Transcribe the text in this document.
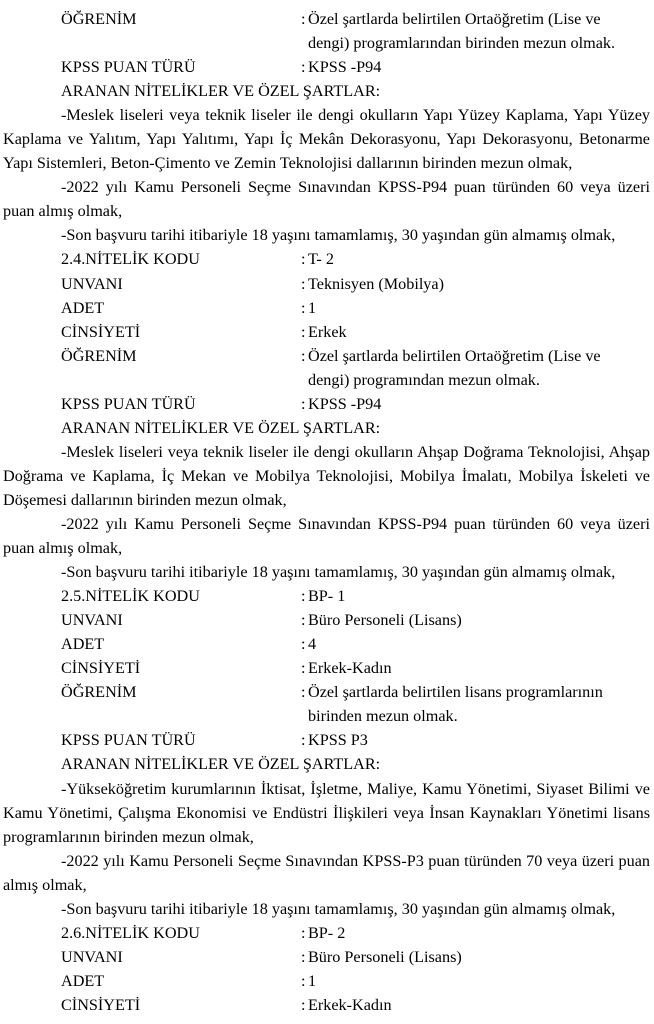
ÖĞRENİM	: Özel şartlarda belirtilen Ortaöğretim (Lise ve
dengi) programlarından birinden mezun olmak.
KPSS PUAN TÜRÜ	: KPSS -P94
ARANAN NİTELİKLER VE ÖZEL ŞARTLAR:
-Meslek liseleri veya teknik liseler ile dengi okulların Yapı Yüzey Kaplama, Yapı Yüzey
Kaplama ve Yalıtım, Yapı Yalıtımı, Yapı İç Mekân Dekorasyonu, Yapı Dekorasyonu, Betonarme
Yapı Sistemleri, Beton-Çimento ve Zemin Teknolojisi dallarının birinden mezun olmak,
-2022 yılı Kamu Personeli Seçme Sınavından KPSS-P94 puan türünden 60 veya üzeri
puan almış olmak,
-Son başvuru tarihi itibariyle 18 yaşını tamamlamış, 30 yaşından gün almamış olmak,
2.4.NİTELİK KODU	: T- 2
UNVANI	: Teknisyen (Mobilya)
ADET	: 1
CİNSİYETİ	: Erkek
ÖĞRENİM	: Özel şartlarda belirtilen Ortaöğretim (Lise ve
dengi) programından mezun olmak.
KPSS PUAN TÜRÜ	: KPSS -P94
ARANAN NİTELİKLER VE ÖZEL ŞARTLAR:
-Meslek liseleri veya teknik liseler ile dengi okulların Ahşap Doğrama Teknolojisi, Ahşap
Doğrama ve Kaplama, İç Mekan ve Mobilya Teknolojisi, Mobilya İmalatı, Mobilya İskeleti ve
Döşemesi dallarının birinden mezun olmak,
-2022 yılı Kamu Personeli Seçme Sınavından KPSS-P94 puan türünden 60 veya üzeri
puan almış olmak,
-Son başvuru tarihi itibariyle 18 yaşını tamamlamış, 30 yaşından gün almamış olmak,
2.5.NİTELİK KODU	: BP- 1
UNVANI	: Büro Personeli (Lisans)
ADET	: 4
CİNSİYETİ	: Erkek-Kadın
ÖĞRENİM	: Özel şartlarda belirtilen lisans programlarının
birinden mezun olmak.
KPSS PUAN TÜRÜ	: KPSS P3
ARANAN NİTELİKLER VE ÖZEL ŞARTLAR:
-Yükseköğretim kurumlarının İktisat, İşletme, Maliye, Kamu Yönetimi, Siyaset Bilimi ve
Kamu Yönetimi, Çalışma Ekonomisi ve Endüstri İlişkileri veya İnsan Kaynakları Yönetimi lisans
programlarının birinden mezun olmak,
-2022 yılı Kamu Personeli Seçme Sınavından KPSS-P3 puan türünden 70 veya üzeri puan
almış olmak,
-Son başvuru tarihi itibariyle 18 yaşını tamamlamış, 30 yaşından gün almamış olmak,
2.6.NİTELİK KODU	: BP- 2
UNVANI	: Büro Personeli (Lisans)
ADET	: 1
CİNSİYETİ	: Erkek-Kadın
